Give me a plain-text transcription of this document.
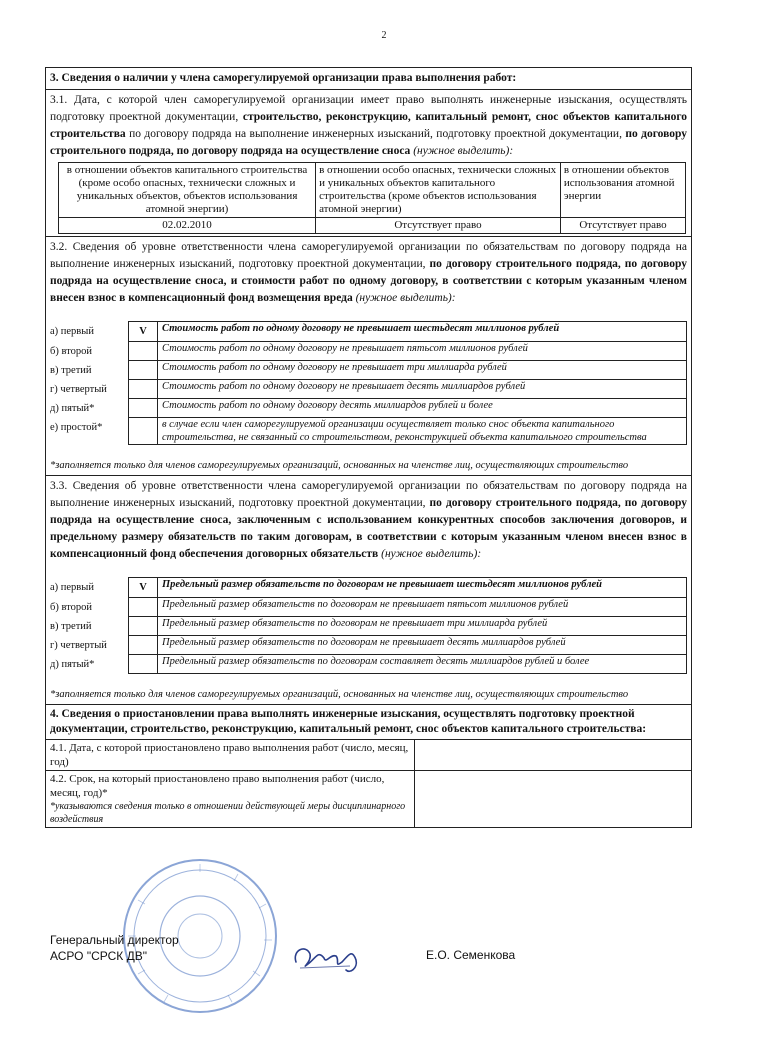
2
3. Сведения о наличии у члена саморегулируемой организации права выполнения работ:
3.1. Дата, с которой член саморегулируемой организации имеет право выполнять инженерные изыскания, осуществлять подготовку проектной документации, строительство, реконструкцию, капитальный ремонт, снос объектов капитального строительства по договору подряда на выполнение инженерных изысканий, подготовку проектной документации, по договору строительного подряда, по договору подряда на осуществление сноса (нужное выделить):
в отношении объектов капитального строительства (кроме особо опасных, технически сложных и уникальных объектов, объектов использования атомной энергии)	в отношении особо опасных, технически сложных и уникальных объектов капитального строительства (кроме объектов использования атомной энергии)	в отношении объектов использования атомной энергии
02.02.2010	Отсутствует право	Отсутствует право
3.2. Сведения об уровне ответственности члена саморегулируемой организации по обязательствам по договору подряда на выполнение инженерных изысканий, подготовку проектной документации, по договору строительного подряда, по договору подряда на осуществление сноса, и стоимости работ по одному договору, в соответствии с которым указанным членом внесен взнос в компенсационный фонд возмещения вреда (нужное выделить):
а) первый	V	Стоимость работ по одному договору не превышает шестьдесят миллионов рублей
б) второй		Стоимость работ по одному договору не превышает пятьсот миллионов рублей
в) третий		Стоимость работ по одному договору не превышает три миллиарда рублей
г) четвертый		Стоимость работ по одному договору не превышает десять миллиардов рублей
д) пятый*		Стоимость работ по одному договору десять миллиардов рублей и более
е) простой*		в случае если член саморегулируемой организации осуществляет только снос объекта капитального строительства, не связанный со строительством, реконструкцией объекта капитального строительства
*заполняется только для членов саморегулируемых организаций, основанных на членстве лиц, осуществляющих строительство
3.3. Сведения об уровне ответственности члена саморегулируемой организации по обязательствам по договору подряда на выполнение инженерных изысканий, подготовку проектной документации, по договору строительного подряда, по договору подряда на осуществление сноса, заключенным с использованием конкурентных способов заключения договоров, и предельному размеру обязательств по таким договорам, в соответствии с которым указанным членом внесен взнос в компенсационный фонд обеспечения договорных обязательств (нужное выделить):
а) первый	V	Предельный размер обязательств по договорам не превышает шестьдесят миллионов рублей
б) второй		Предельный размер обязательств по договорам не превышает пятьсот миллионов рублей
в) третий		Предельный размер обязательств по договорам не превышает три миллиарда рублей
г) четвертый		Предельный размер обязательств по договорам не превышает десять миллиардов рублей
д) пятый*		Предельный размер обязательств по договорам составляет десять миллиардов рублей и более
*заполняется только для членов саморегулируемых организаций, основанных на членстве лиц, осуществляющих строительство
4. Сведения о приостановлении права выполнять инженерные изыскания, осуществлять подготовку проектной документации, строительство, реконструкцию, капитальный ремонт, снос объектов капитального строительства:
4.1. Дата, с которой приостановлено право выполнения работ (число, месяц, год)	

4.2. Срок, на который приостановлено право выполнения работ (число, месяц, год)*
*указываются сведения только в отношении действующей меры дисциплинарного воздействия	

Генеральный директор
АСРО "СРСК ДВ"	Е.О. Семенкова
